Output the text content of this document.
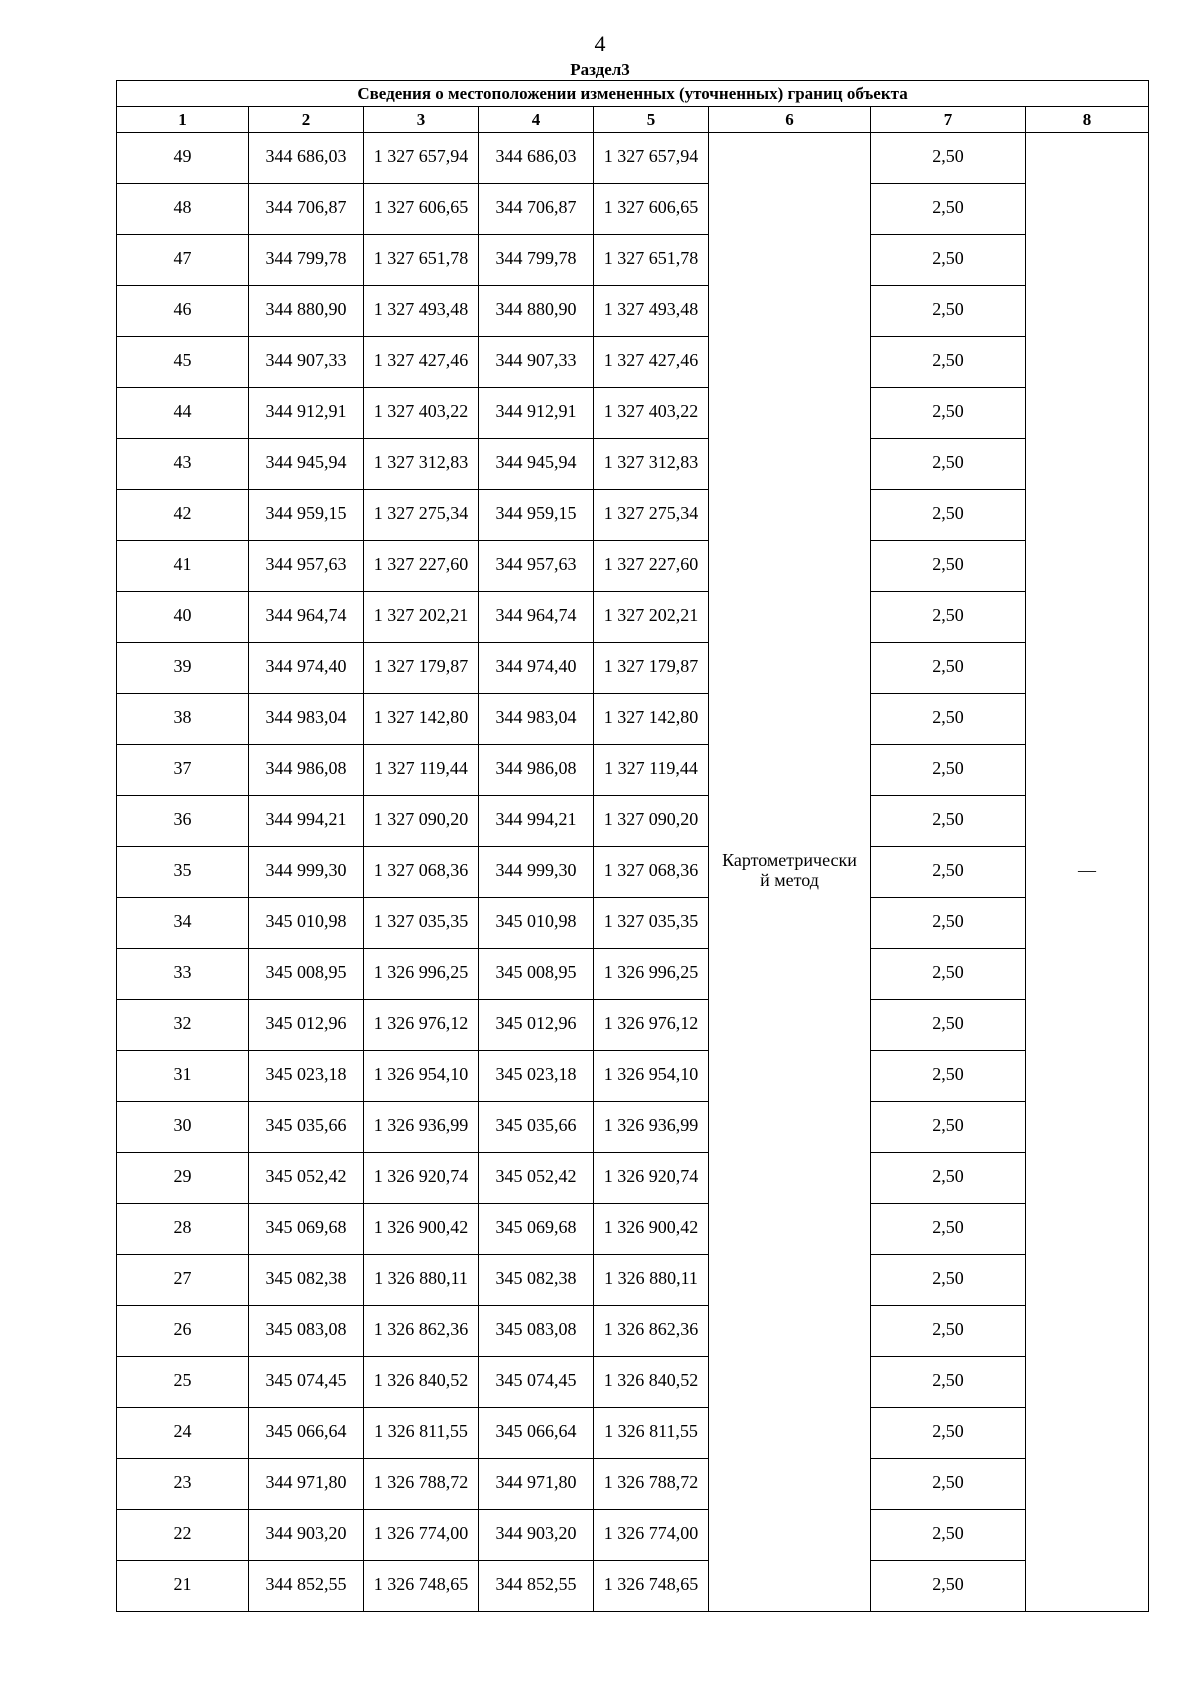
4
Раздел3
Сведения о местоположении измененных (уточненных) границ объекта							
1	2	3	4	5	6	7	8
49	344 686,03	1 327 657,94	344 686,03	1 327 657,94	Картометрически
й метод	2,50	—
48	344 706,87	1 327 606,65	344 706,87	1 327 606,65		2,50	
47	344 799,78	1 327 651,78	344 799,78	1 327 651,78		2,50	
46	344 880,90	1 327 493,48	344 880,90	1 327 493,48		2,50	
45	344 907,33	1 327 427,46	344 907,33	1 327 427,46		2,50	
44	344 912,91	1 327 403,22	344 912,91	1 327 403,22		2,50	
43	344 945,94	1 327 312,83	344 945,94	1 327 312,83		2,50	
42	344 959,15	1 327 275,34	344 959,15	1 327 275,34		2,50	
41	344 957,63	1 327 227,60	344 957,63	1 327 227,60		2,50	
40	344 964,74	1 327 202,21	344 964,74	1 327 202,21		2,50	
39	344 974,40	1 327 179,87	344 974,40	1 327 179,87		2,50	
38	344 983,04	1 327 142,80	344 983,04	1 327 142,80		2,50	
37	344 986,08	1 327 119,44	344 986,08	1 327 119,44		2,50	
36	344 994,21	1 327 090,20	344 994,21	1 327 090,20		2,50	
35	344 999,30	1 327 068,36	344 999,30	1 327 068,36		2,50	
34	345 010,98	1 327 035,35	345 010,98	1 327 035,35		2,50	
33	345 008,95	1 326 996,25	345 008,95	1 326 996,25		2,50	
32	345 012,96	1 326 976,12	345 012,96	1 326 976,12		2,50	
31	345 023,18	1 326 954,10	345 023,18	1 326 954,10		2,50	
30	345 035,66	1 326 936,99	345 035,66	1 326 936,99		2,50	
29	345 052,42	1 326 920,74	345 052,42	1 326 920,74		2,50	
28	345 069,68	1 326 900,42	345 069,68	1 326 900,42		2,50	
27	345 082,38	1 326 880,11	345 082,38	1 326 880,11		2,50	
26	345 083,08	1 326 862,36	345 083,08	1 326 862,36		2,50	
25	345 074,45	1 326 840,52	345 074,45	1 326 840,52		2,50	
24	345 066,64	1 326 811,55	345 066,64	1 326 811,55		2,50	
23	344 971,80	1 326 788,72	344 971,80	1 326 788,72		2,50	
22	344 903,20	1 326 774,00	344 903,20	1 326 774,00		2,50	
21	344 852,55	1 326 748,65	344 852,55	1 326 748,65		2,50	
